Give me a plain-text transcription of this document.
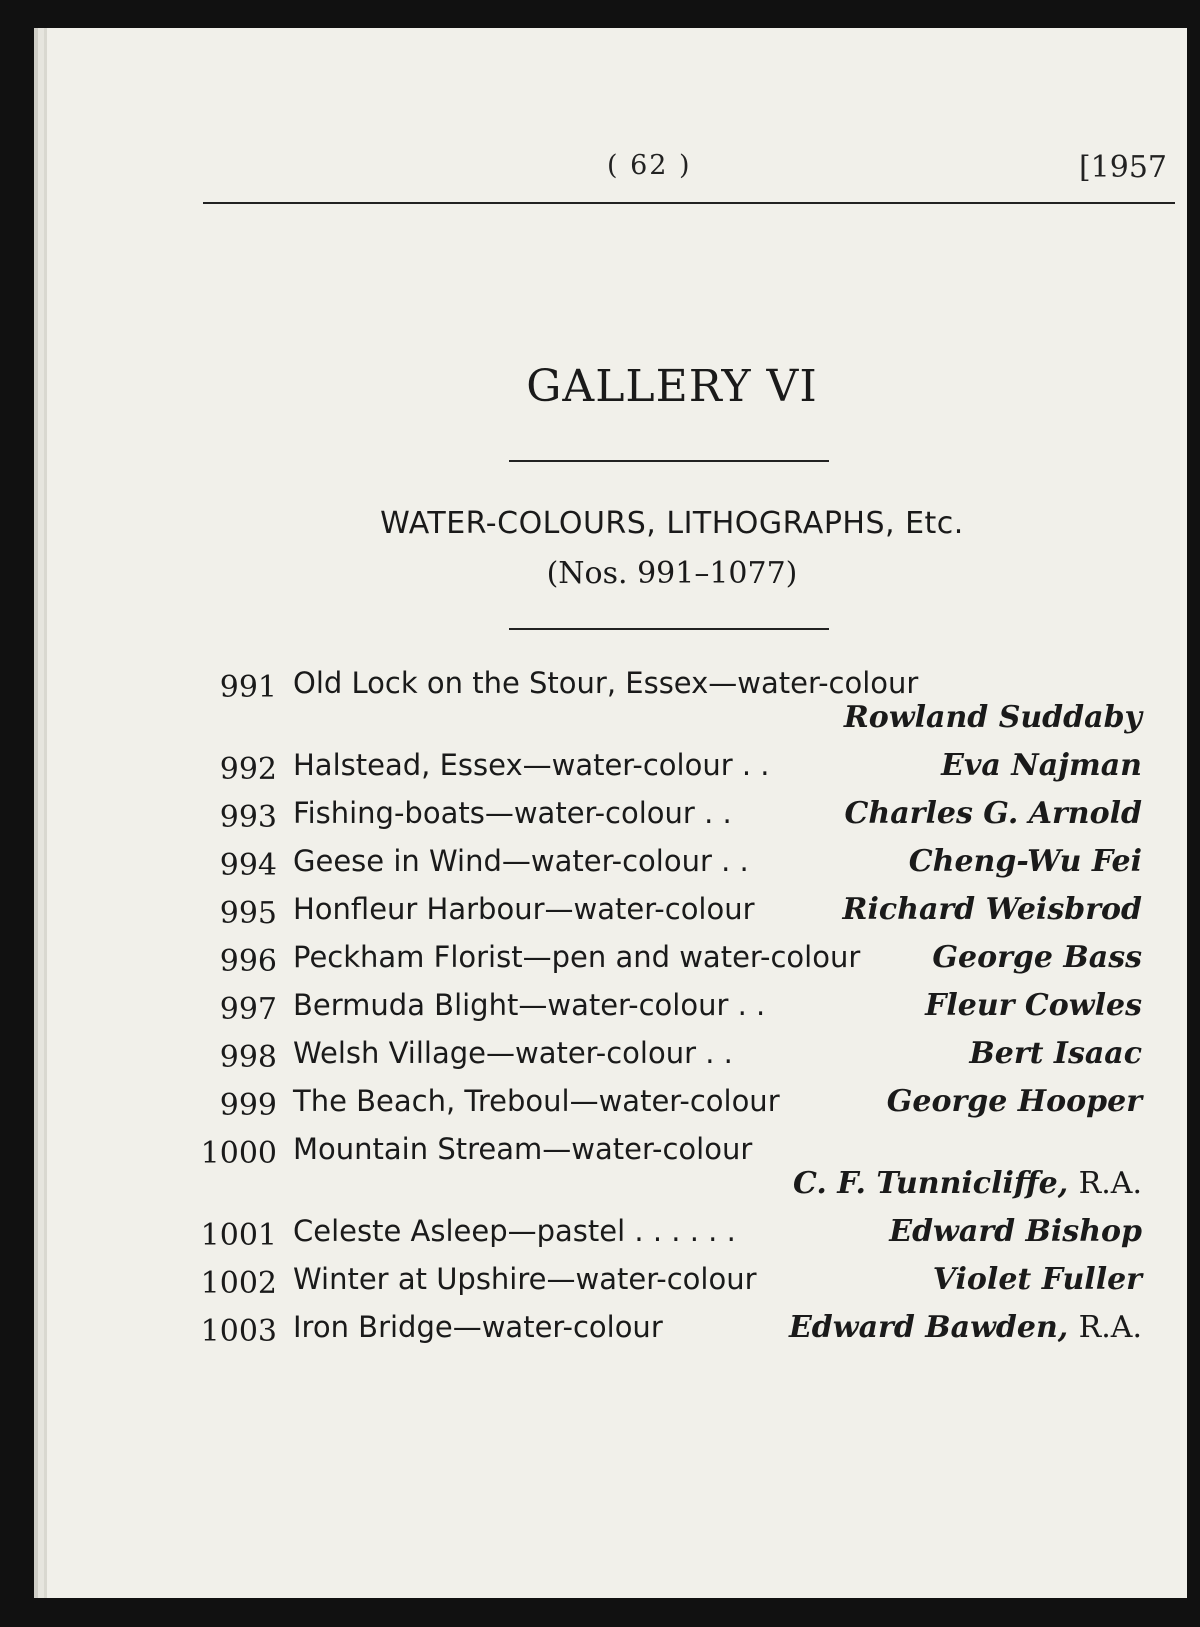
( 62 )	[1957
GALLERY VI
WATER-COLOURS, LITHOGRAPHS, Etc.
(Nos. 991–1077)
991 Old Lock on the Stour, Essex—water-colour
Rowland Suddaby
992 Halstead, Essex—water-colour . .	Eva Najman
993 Fishing-boats—water-colour . .	Charles G. Arnold
994 Geese in Wind—water-colour . .	Cheng-Wu Fei
995 Honfleur Harbour—water-colour	Richard Weisbrod
996 Peckham Florist—pen and water-colour George Bass
997 Bermuda Blight—water-colour . .	Fleur Cowles
998 Welsh Village—water-colour . .	Bert Isaac
999 The Beach, Treboul—water-colour	George Hooper
1000 Mountain Stream—water-colour
C. F. Tunnicliffe, R.A.
1001 Celeste Asleep—pastel . . . . . .	Edward Bishop
1002 Winter at Upshire—water-colour	Violet Fuller
1003 Iron Bridge—water-colour	Edward Bawden, R.A.
